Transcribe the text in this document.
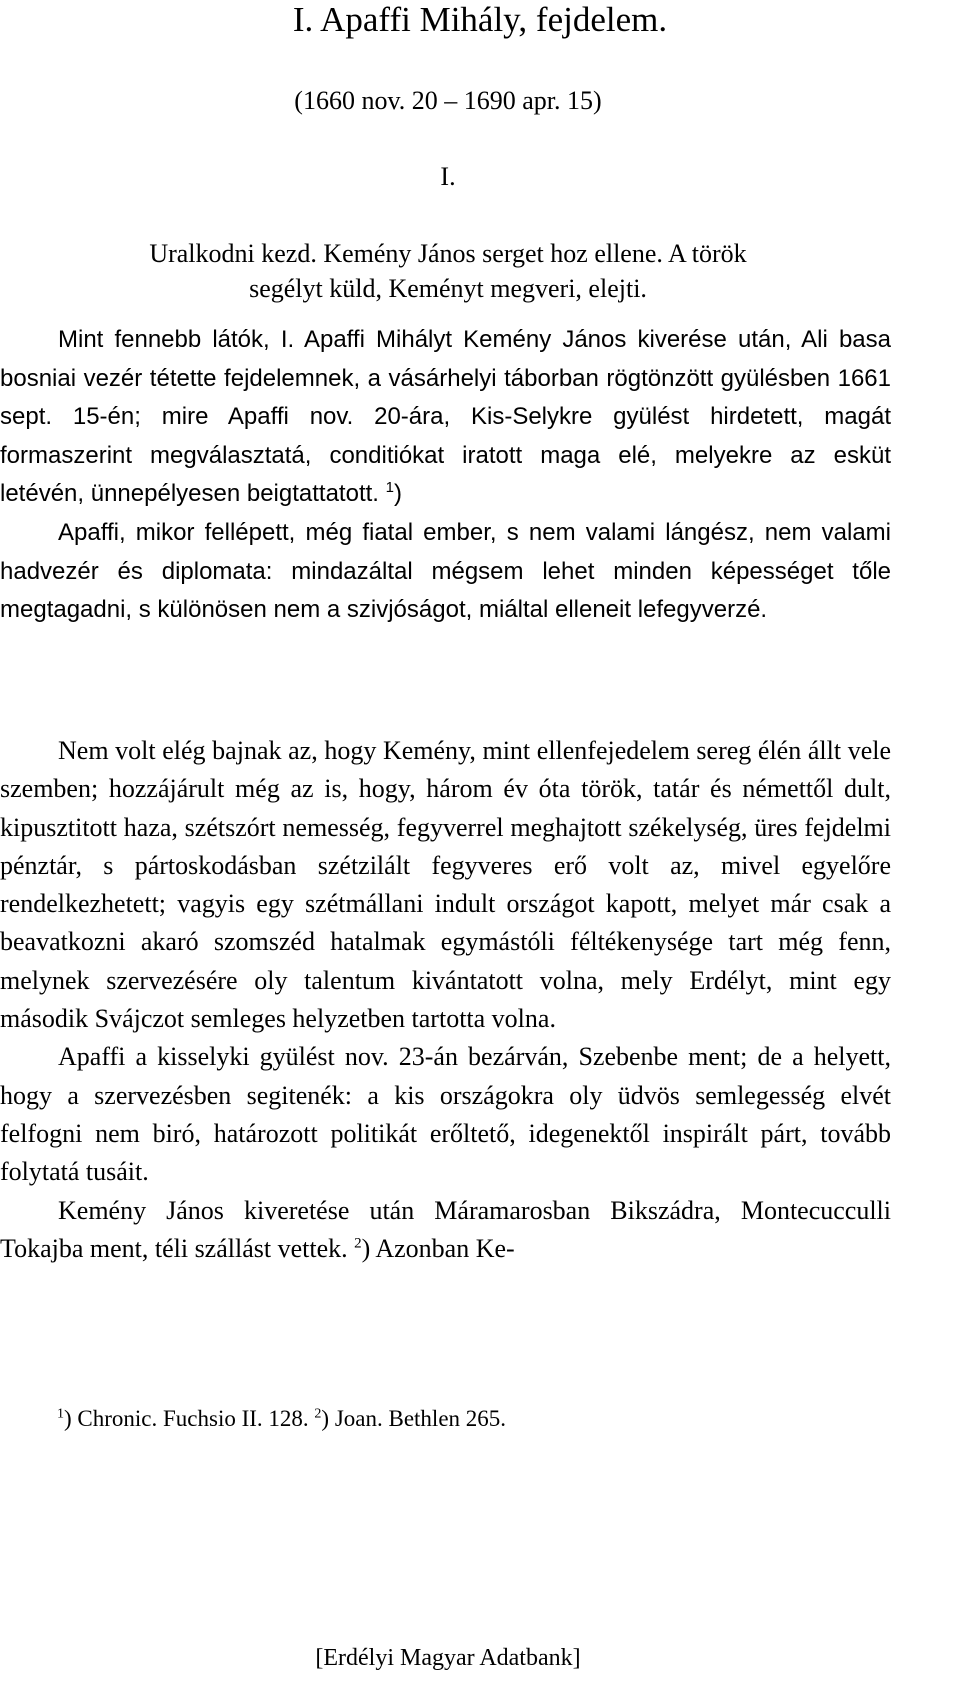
I. Apaffi Mihály, fejdelem.
(1660 nov. 20 – 1690 apr. 15)
I.
Uralkodni kezd. Kemény János serget hoz ellene. A török
segélyt küld, Keményt megveri, elejti.

Mint fennebb látók, I. Apaffi Mihályt Kemény János kiverése után, Ali basa bosniai vezér tétette fejdelemnek, a vásárhelyi táborban rögtönzött gyülésben 1661 sept. 15-én; mire Apaffi nov. 20-ára, Kis-Selykre gyülést hirdetett, magát formaszerint megválasztatá, conditiókat iratott maga elé, melyekre az esküt letévén, ünnepélyesen beigtattatott. $^1$)

Apaffi, mikor fellépett, még fiatal ember, s nem valami lángész, nem valami hadvezér és diplomata: mindazáltal mégsem lehet minden képességet tőle megtagadni, s különösen nem a szivjóságot, miáltal elleneit lefegyverzé.

Nem volt elég bajnak az, hogy Kemény, mint ellenfejedelem sereg élén állt vele szemben; hozzájárult még az is, hogy, három év óta török, tatár és némettől dult, kipusztitott haza, szétszórt nemesség, fegyverrel meghajtott székelység, üres fejdelmi pénztár, s pártoskodásban szétzilált fegyveres erő volt az, mivel egyelőre rendelkezhetett; vagyis egy szétmállani indult országot kapott, melyet már csak a beavatkozni akaró szomszéd hatalmak egymástóli féltékenysége tart még fenn, melynek szervezésére oly talentum kivántatott volna, mely Erdélyt, mint egy második Svájczot semleges helyzetben tartotta volna.

Apaffi a kisselyki gyülést nov. 23-án bezárván, Szebenbe ment; de a helyett, hogy a szervezésben segitenék: a kis országokra oly üdvös semlegesség elvét felfogni nem biró, határozott politikát erőltető, idegenektől inspirált párt, tovább folytatá tusáit.

Kemény János kiveretése után Máramarosban Bikszádra, Montecucculli Tokajba ment, téli szállást vettek. $^2$) Azonban Ke-

$^1$) Chronic. Fuchsio II. 128. $^2$) Joan. Bethlen 265.
[Erdélyi Magyar Adatbank]
